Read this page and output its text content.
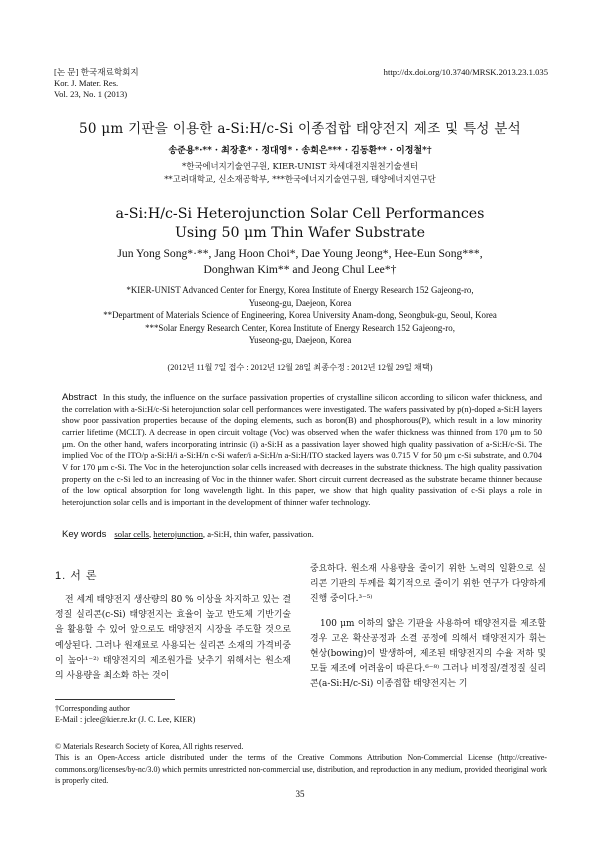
[논 문] 한국재료학회지
Kor. J. Mater. Res.
Vol. 23, No. 1 (2013)
http://dx.doi.org/10.3740/MRSK.2013.23.1.035
50 μm 기판을 이용한 a-Si:H/c-Si 이종접합 태양전지 제조 및 특성 분석
송준용*·** · 최장훈* · 정대영* · 송희은*** · 김동환** · 이정철*†
*한국에너지기술연구원, KIER-UNIST 차세대전지원천기술센터
**고려대학교, 신소재공학부, ***한국에너지기술연구원, 태양에너지연구단
a-Si:H/c-Si Heterojunction Solar Cell Performances
Using 50 μm Thin Wafer Substrate
Jun Yong Song*·**, Jang Hoon Choi*, Dae Young Jeong*, Hee-Eun Song***,
Donghwan Kim** and Jeong Chul Lee*†
*KIER-UNIST Advanced Center for Energy, Korea Institute of Energy Research 152 Gajeong-ro,
Yuseong-gu, Daejeon, Korea
**Department of Materials Science of Engineering, Korea University Anam-dong, Seongbuk-gu, Seoul, Korea
***Solar Energy Research Center, Korea Institute of Energy Research 152 Gajeong-ro,
Yuseong-gu, Daejeon, Korea
(2012년 11월 7일 접수 : 2012년 12월 28일 최종수정 : 2012년 12월 29일 채택)
Abstract In this study, the influence on the surface passivation properties of crystalline silicon according to silicon wafer thickness, and the correlation with a-Si:H/c-Si heterojunction solar cell performances were investigated. The wafers passivated by p(n)-doped a-Si:H layers show poor passivation properties because of the doping elements, such as boron(B) and phosphorous(P), which result in a low minority carrier lifetime (MCLT). A decrease in open circuit voltage (Voc) was observed when the wafer thickness was thinned from 170 μm to 50 μm. On the other hand, wafers incorporating intrinsic (i) a-Si:H as a passivation layer showed high quality passivation of a-Si:H/c-Si. The implied Voc of the ITO/p a-Si:H/i a-Si:H/n c-Si wafer/i a-Si:H/n a-Si:H/ITO stacked layers was 0.715 V for 50 μm c-Si substrate, and 0.704 V for 170 μm c-Si. The Voc in the heterojunction solar cells increased with decreases in the substrate thickness. The high quality passivation property on the c-Si led to an increasing of Voc in the thinner wafer. Short circuit current decreased as the substrate became thinner because of the low optical absorption for long wavelength light. In this paper, we show that high quality passivation of c-Si plays a role in heterojunction solar cells and is important in the development of thinner wafer technology.
Key words solar cells, heterojunction, a-Si:H, thin wafer, passivation.
1. 서 론
전 세계 태양전지 생산량의 80 % 이상을 차지하고 있는 결정질 실리콘(c-Si) 태양전지는 효율이 높고 반도체 기반기술을 활용할 수 있어 앞으로도 태양전지 시장을 주도할 것으로 예상된다. 그러나 원재료로 사용되는 실리콘 소재의 가격비중이 높아¹⁻²⁾ 태양전지의 제조원가를 낮추기 위해서는 원소재의 사용량을 최소화 하는 것이

중요하다. 원소재 사용량을 줄이기 위한 노력의 일환으로 실리콘 기판의 두께를 획기적으로 줄이기 위한 연구가 다양하게 진행 중이다.³⁻⁵⁾

100 μm 이하의 얇은 기판을 사용하여 태양전지를 제조할 경우 고온 확산공정과 소결 공정에 의해서 태양전지가 휘는 현상(bowing)이 발생하여, 제조된 태양전지의 수율 저하 및 모듈 제조에 어려움이 따른다.⁶⁻⁸⁾ 그러나 비정질/결정질 실리콘(a-Si:H/c-Si) 이종접합 태양전지는 기

†Corresponding author
E-Mail : jclee@kier.re.kr (J. C. Lee, KIER)
© Materials Research Society of Korea, All rights reserved.
This is an Open-Access article distributed under the terms of the Creative Commons Attribution Non-Commercial License (http://creative-commons.org/licenses/by-nc/3.0) which permits unrestricted non-commercial use, distribution, and reproduction in any medium, provided theoriginal work is properly cited.
35
